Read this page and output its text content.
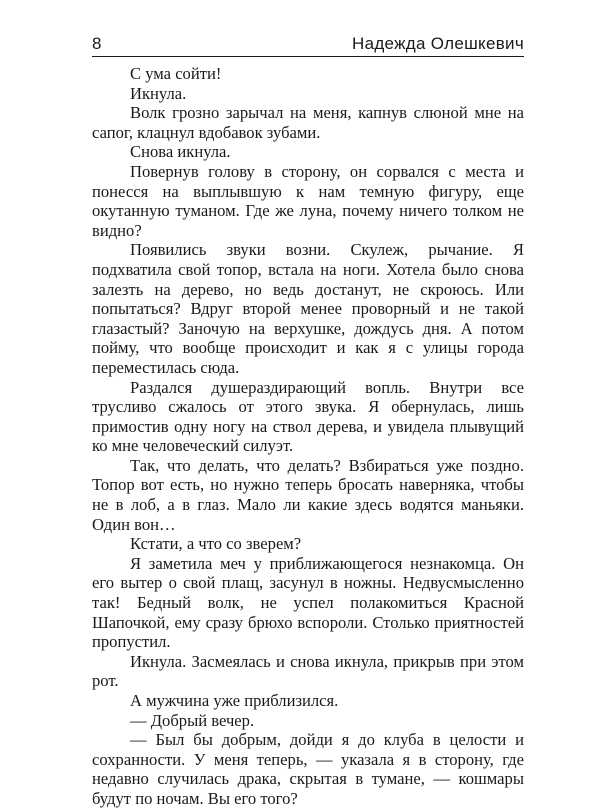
8	Надежда Олешкевич

С ума сойти!

Икнула.

Волк грозно зарычал на меня, капнув слюной мне на сапог, клацнул вдобавок зубами.

Снова икнула.

Повернув голову в сторону, он сорвался с места и понесся на выплывшую к нам темную фигуру, еще окутанную туманом. Где же луна, почему ничего толком не видно?

Появились звуки возни. Скулеж, рычание. Я подхватила свой топор, встала на ноги. Хотела было снова залезть на дерево, но ведь достанут, не скроюсь. Или попытаться? Вдруг второй менее проворный и не такой глазастый? Заночую на верхушке, дождусь дня. А потом пойму, что вообще происходит и как я с улицы города переместилась сюда.

Раздался душераздирающий вопль. Внутри все трусливо сжалось от этого звука. Я обернулась, лишь примостив одну ногу на ствол дерева, и увидела плывущий ко мне человеческий силуэт.

Так, что делать, что делать? Взбираться уже поздно. Топор вот есть, но нужно теперь бросать наверняка, чтобы не в лоб, а в глаз. Мало ли какие здесь водятся маньяки. Один вон…

Кстати, а что со зверем?

Я заметила меч у приближающегося незнакомца. Он его вытер о свой плащ, засунул в ножны. Недвусмысленно так! Бедный волк, не успел полакомиться Красной Шапочкой, ему сразу брюхо вспороли. Столько приятностей пропустил.

Икнула. Засмеялась и снова икнула, прикрыв при этом рот.

А мужчина уже приблизился.

— Добрый вечер.

— Был бы добрым, дойди я до клуба в целости и сохранности. У меня теперь, — указала я в сторону, где недавно случилась драка, скрытая в тумане, — кошмары будут по ночам. Вы его того?
